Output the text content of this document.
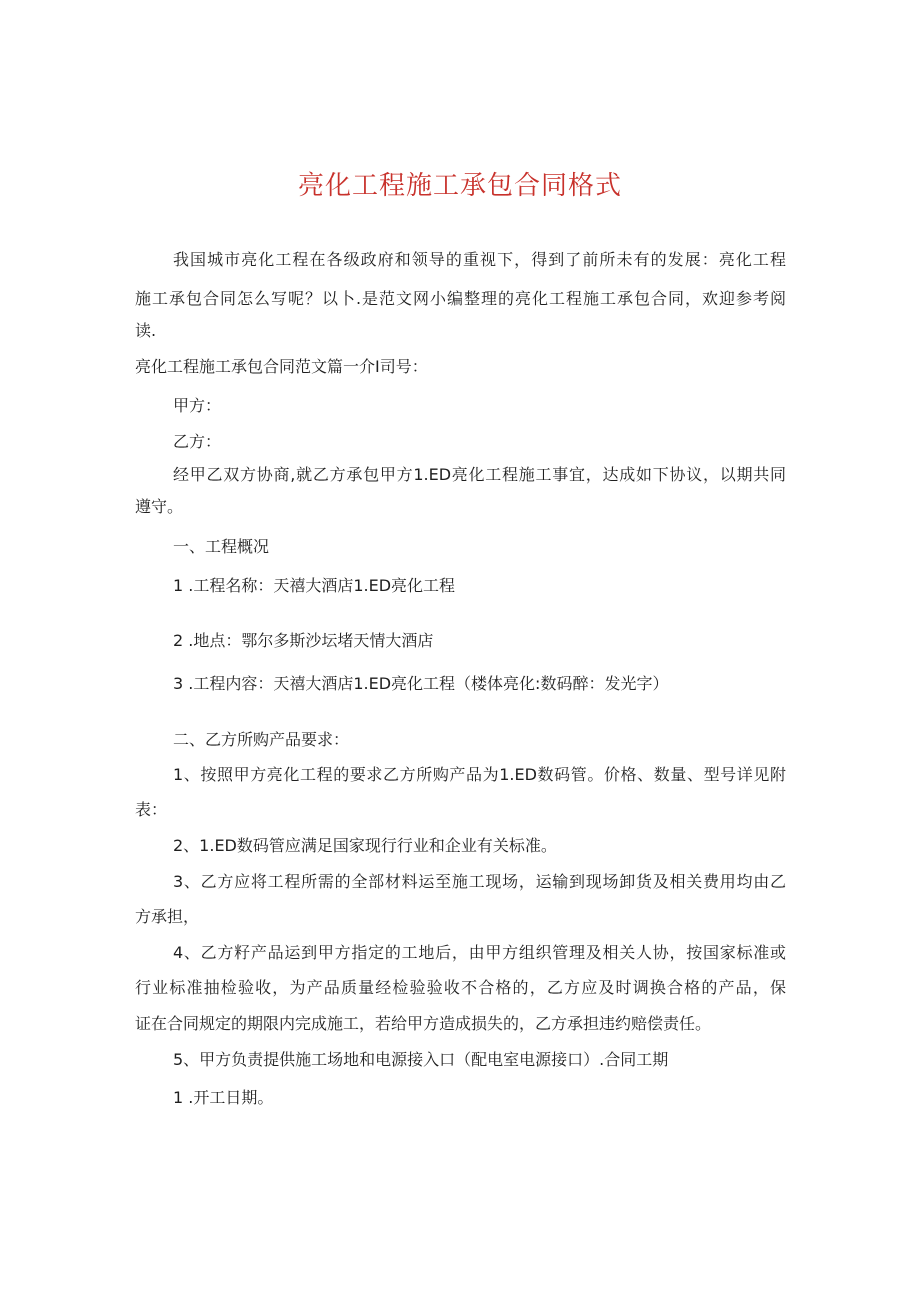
亮化工程施工承包合同格式

我国城市亮化工程在各级政府和领导的重视下，得到了前所未有的发展：亮化工程

施工承包合同怎么写呢？以卜.是范文网小编整理的亮化工程施工承包合同，欢迎参考阅

读.

亮化工程施工承包合同范文篇一介I司号：

甲方：

乙方：

经甲乙双方协商,就乙方承包甲方1.ED亮化工程施工事宜，达成如下协议，以期共同

遵守。

一、工程概况

1 .工程名称：天禧大酒店1.ED亮化工程

2 .地点：鄂尔多斯沙坛堵天情大酒店

3 .工程内容：天禧大酒店1.ED亮化工程（楼体亮化:数码醉：发光字）

二、乙方所购产品要求：

1、按照甲方亮化工程的要求乙方所购产品为1.ED数码管。价格、数量、型号详见附

表：

2、1.ED数码管应满足国家现行行业和企业有关标准。

3、乙方应将工程所需的全部材料运至施工现场，运输到现场卸货及相关费用均由乙

方承担，

4、乙方籽产品运到甲方指定的工地后，由甲方组织管理及相关人协，按国家标准或

行业标准抽检验收，为产品质量经检验验收不合格的，乙方应及时调换合格的产品，保

证在合同规定的期限内完成施工，若给甲方造成损失的，乙方承担违约赔偿责任。

5、甲方负责提供施工场地和电源接入口（配电室电源接口）.合同工期

1 .开工日期。
